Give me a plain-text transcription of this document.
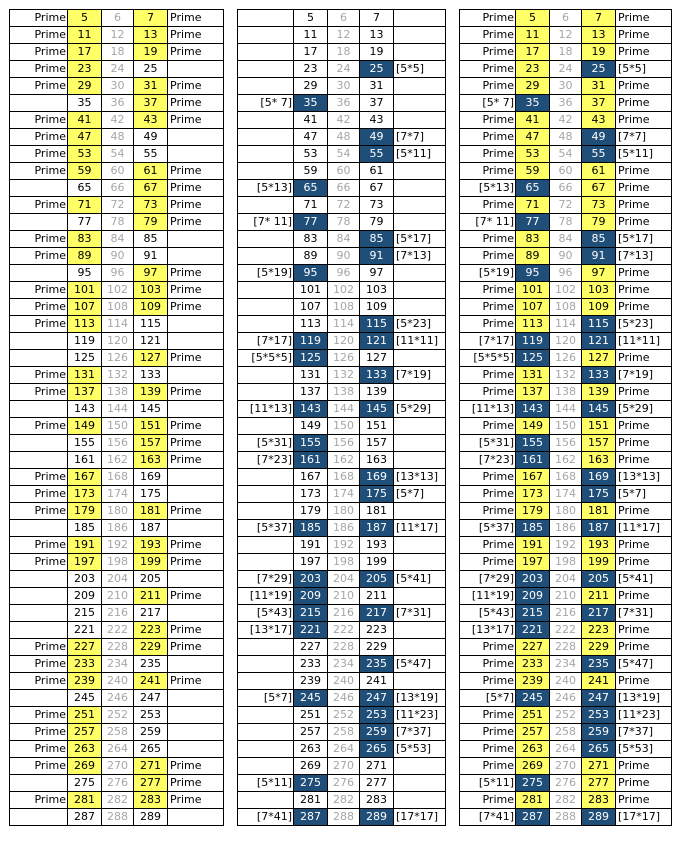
Prime	5	6	7	Prime
Prime	11	12	13	Prime
Prime	17	18	19	Prime
Prime	23	24	25	
Prime	29	30	31	Prime
	35	36	37	Prime
Prime	41	42	43	Prime
Prime	47	48	49	
Prime	53	54	55	
Prime	59	60	61	Prime
	65	66	67	Prime
Prime	71	72	73	Prime
	77	78	79	Prime
Prime	83	84	85	
Prime	89	90	91	
	95	96	97	Prime
Prime	101	102	103	Prime
Prime	107	108	109	Prime
Prime	113	114	115	
	119	120	121	
	125	126	127	Prime
Prime	131	132	133	
Prime	137	138	139	Prime
	143	144	145	
Prime	149	150	151	Prime
	155	156	157	Prime
	161	162	163	Prime
Prime	167	168	169	
Prime	173	174	175	
Prime	179	180	181	Prime
	185	186	187	
Prime	191	192	193	Prime
Prime	197	198	199	Prime
	203	204	205	
	209	210	211	Prime
	215	216	217	
	221	222	223	Prime
Prime	227	228	229	Prime
Prime	233	234	235	
Prime	239	240	241	Prime
	245	246	247	
Prime	251	252	253	
Prime	257	258	259	
Prime	263	264	265	
Prime	269	270	271	Prime
	275	276	277	Prime
Prime	281	282	283	Prime
	287	288	289	
	5	6	7	
	11	12	13	
	17	18	19	
	23	24	25	[5*5]
	29	30	31	
[5* 7]	35	36	37	
	41	42	43	
	47	48	49	[7*7]
	53	54	55	[5*11]
	59	60	61	
[5*13]	65	66	67	
	71	72	73	
[7* 11]	77	78	79	
	83	84	85	[5*17]
	89	90	91	[7*13]
[5*19]	95	96	97	
	101	102	103	
	107	108	109	
	113	114	115	[5*23]
[7*17]	119	120	121	[11*11]
[5*5*5]	125	126	127	
	131	132	133	[7*19]
	137	138	139	
[11*13]	143	144	145	[5*29]
	149	150	151	
[5*31]	155	156	157	
[7*23]	161	162	163	
	167	168	169	[13*13]
	173	174	175	[5*7]
	179	180	181	
[5*37]	185	186	187	[11*17]
	191	192	193	
	197	198	199	
[7*29]	203	204	205	[5*41]
[11*19]	209	210	211	
[5*43]	215	216	217	[7*31]
[13*17]	221	222	223	
	227	228	229	
	233	234	235	[5*47]
	239	240	241	
[5*7]	245	246	247	[13*19]
	251	252	253	[11*23]
	257	258	259	[7*37]
	263	264	265	[5*53]
	269	270	271	
[5*11]	275	276	277	
	281	282	283	
[7*41]	287	288	289	[17*17]
Prime	5	6	7	Prime
Prime	11	12	13	Prime
Prime	17	18	19	Prime
Prime	23	24	25	[5*5]
Prime	29	30	31	Prime
[5* 7]	35	36	37	Prime
Prime	41	42	43	Prime
Prime	47	48	49	[7*7]
Prime	53	54	55	[5*11]
Prime	59	60	61	Prime
[5*13]	65	66	67	Prime
Prime	71	72	73	Prime
[7* 11]	77	78	79	Prime
Prime	83	84	85	[5*17]
Prime	89	90	91	[7*13]
[5*19]	95	96	97	Prime
Prime	101	102	103	Prime
Prime	107	108	109	Prime
Prime	113	114	115	[5*23]
[7*17]	119	120	121	[11*11]
[5*5*5]	125	126	127	Prime
Prime	131	132	133	[7*19]
Prime	137	138	139	Prime
[11*13]	143	144	145	[5*29]
Prime	149	150	151	Prime
[5*31]	155	156	157	Prime
[7*23]	161	162	163	Prime
Prime	167	168	169	[13*13]
Prime	173	174	175	[5*7]
Prime	179	180	181	Prime
[5*37]	185	186	187	[11*17]
Prime	191	192	193	Prime
Prime	197	198	199	Prime
[7*29]	203	204	205	[5*41]
[11*19]	209	210	211	Prime
[5*43]	215	216	217	[7*31]
[13*17]	221	222	223	Prime
Prime	227	228	229	Prime
Prime	233	234	235	[5*47]
Prime	239	240	241	Prime
[5*7]	245	246	247	[13*19]
Prime	251	252	253	[11*23]
Prime	257	258	259	[7*37]
Prime	263	264	265	[5*53]
Prime	269	270	271	Prime
[5*11]	275	276	277	Prime
Prime	281	282	283	Prime
[7*41]	287	288	289	[17*17]
